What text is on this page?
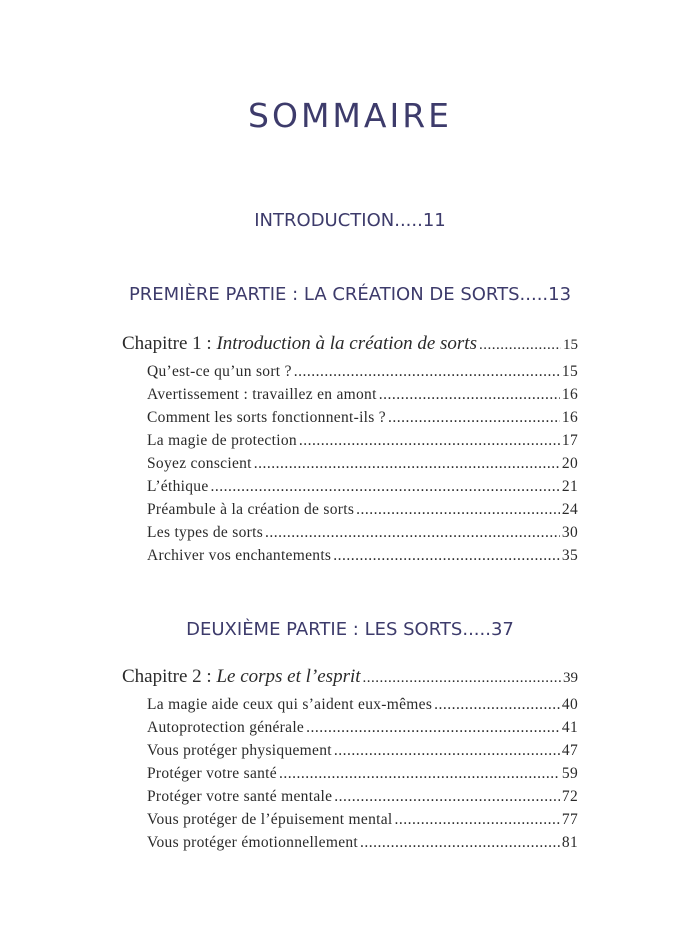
SOMMAIRE
INTRODUCTION.....11
PREMIÈRE PARTIE : LA CRÉATION DE SORTS.....13
Chapitre 1 : Introduction à la création de sorts .....	15
Qu’est-ce qu’un sort ? .....	15
Avertissement : travaillez en amont .....	16
Comment les sorts fonctionnent-ils ? .....	16
La magie de protection .....	17
Soyez conscient .....	20
L’éthique .....	21
Préambule à la création de sorts .....	24
Les types de sorts .....	30
Archiver vos enchantements .....	35
DEUXIÈME PARTIE : LES SORTS.....37
Chapitre 2 : Le corps et l’esprit .....	39
La magie aide ceux qui s’aident eux-mêmes .....	40
Autoprotection générale .....	41
Vous protéger physiquement .....	47
Protéger votre santé .....	59
Protéger votre santé mentale .....	72
Vous protéger de l’épuisement mental .....	77
Vous protéger émotionnellement .....	81
